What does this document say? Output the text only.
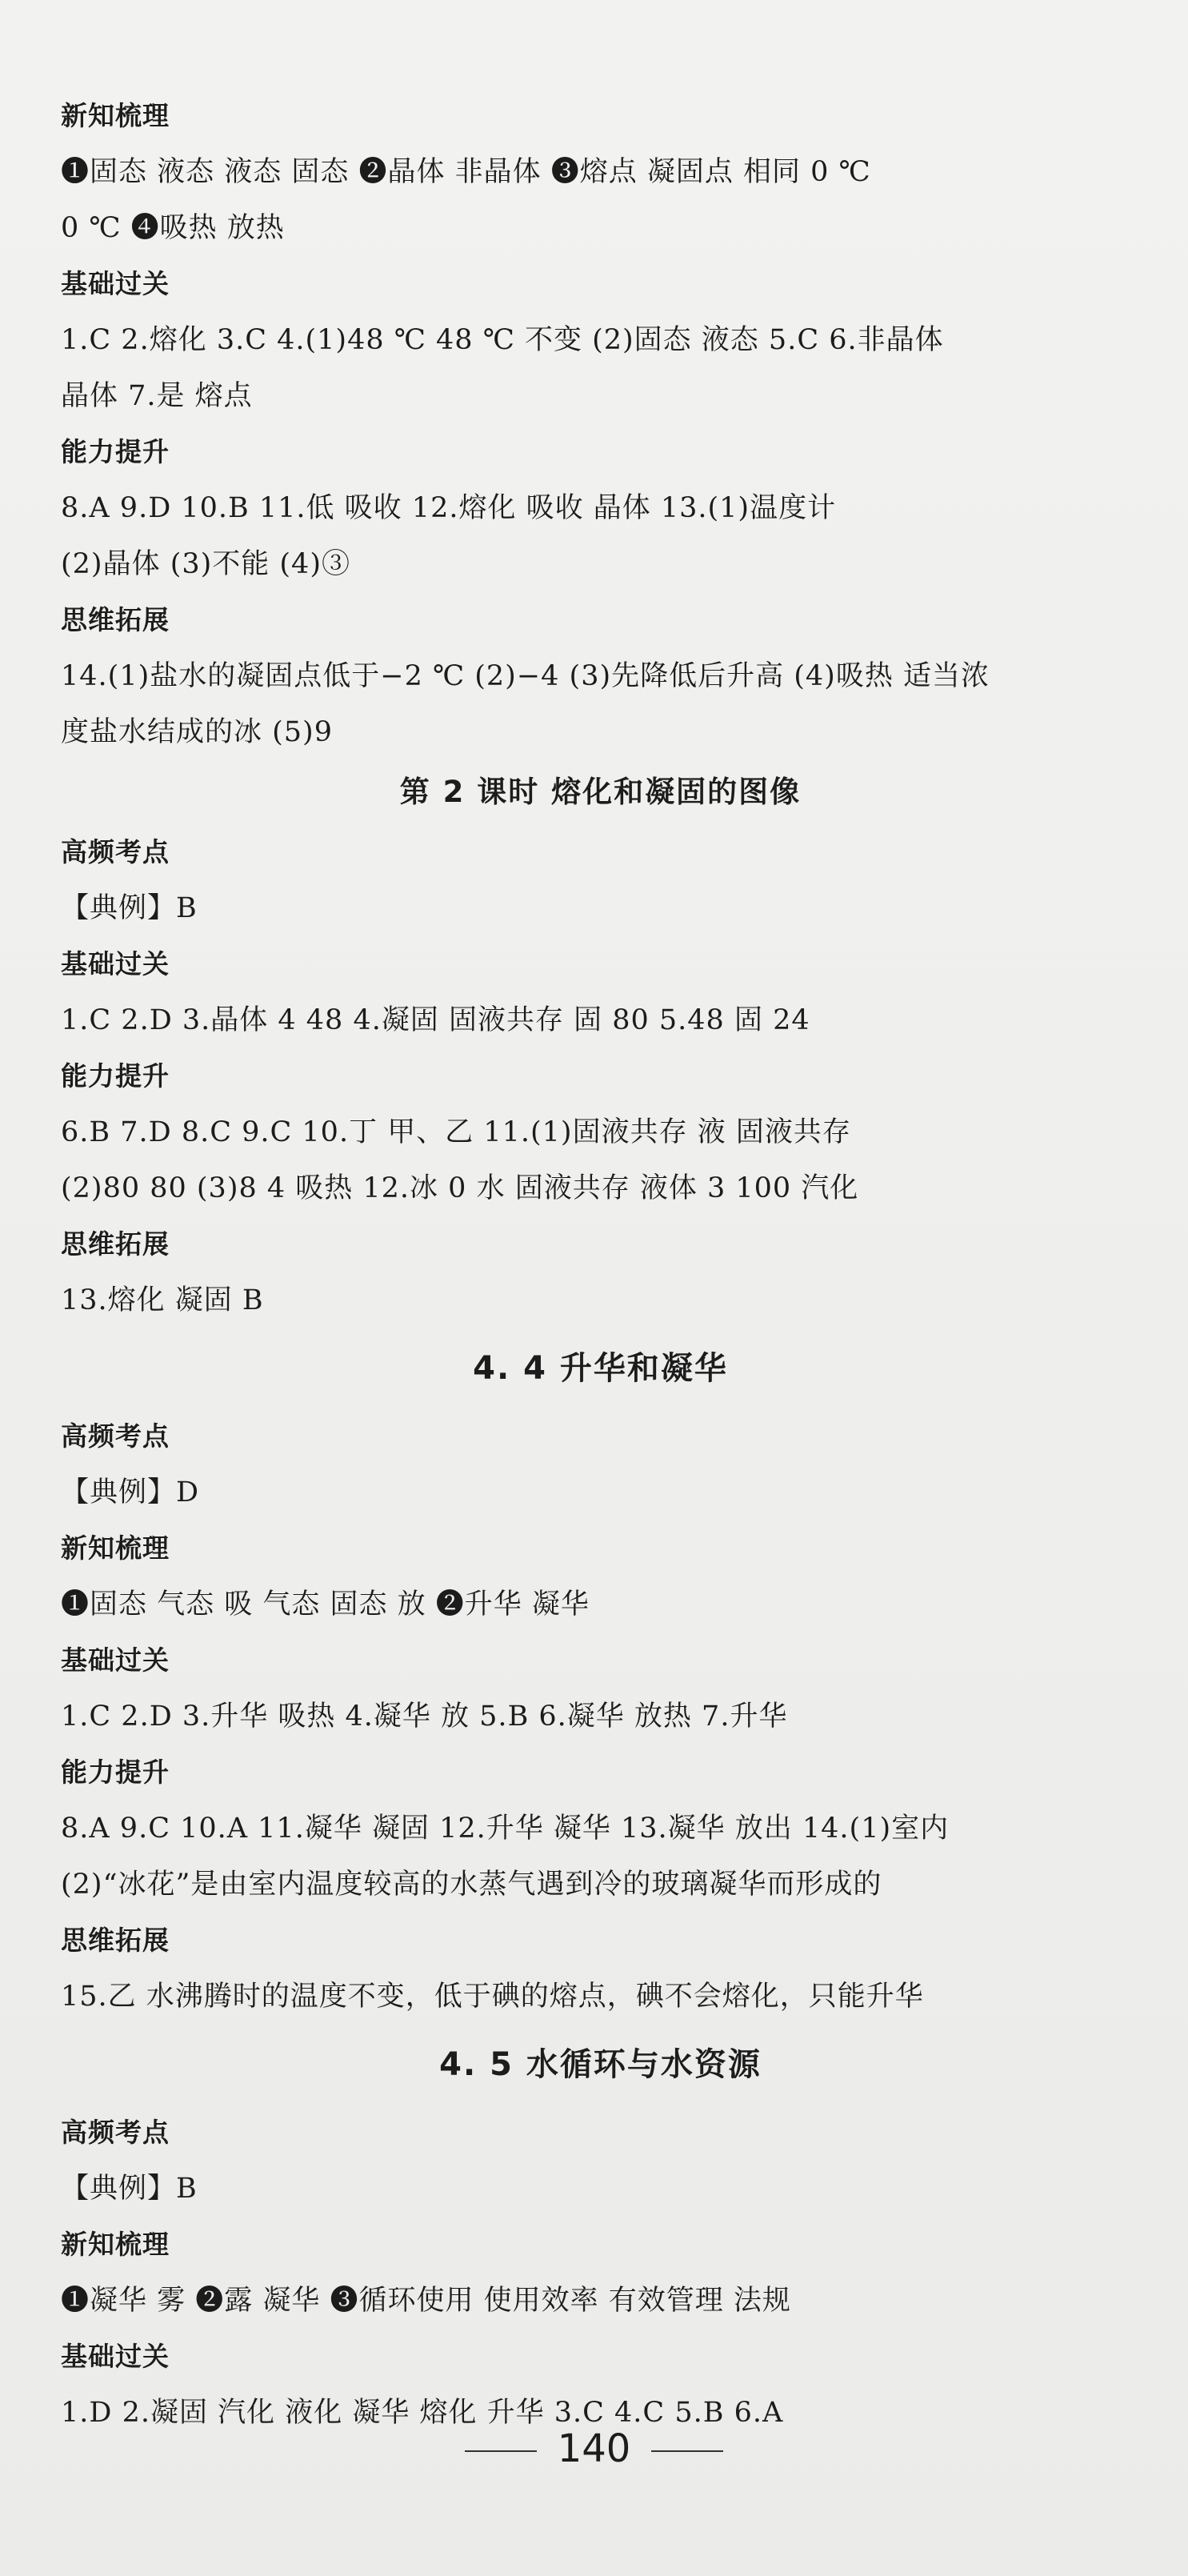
新知梳理
❶固态 液态 液态 固态 ❷晶体 非晶体 ❸熔点 凝固点 相同 0 ℃
0 ℃ ❹吸热 放热
基础过关
1.C 2.熔化 3.C 4.(1)48 ℃ 48 ℃ 不变 (2)固态 液态 5.C 6.非晶体
晶体 7.是 熔点
能力提升
8.A 9.D 10.B 11.低 吸收 12.熔化 吸收 晶体 13.(1)温度计
(2)晶体 (3)不能 (4)③
思维拓展
14.(1)盐水的凝固点低于−2 ℃ (2)−4 (3)先降低后升高 (4)吸热 适当浓
度盐水结成的冰 (5)9
第 2 课时 熔化和凝固的图像
高频考点
【典例】B
基础过关
1.C 2.D 3.晶体 4 48 4.凝固 固液共存 固 80 5.48 固 24
能力提升
6.B 7.D 8.C 9.C 10.丁 甲、乙 11.(1)固液共存 液 固液共存
(2)80 80 (3)8 4 吸热 12.冰 0 水 固液共存 液体 3 100 汽化
思维拓展
13.熔化 凝固 B
4. 4 升华和凝华
高频考点
【典例】D
新知梳理
❶固态 气态 吸 气态 固态 放 ❷升华 凝华
基础过关
1.C 2.D 3.升华 吸热 4.凝华 放 5.B 6.凝华 放热 7.升华
能力提升
8.A 9.C 10.A 11.凝华 凝固 12.升华 凝华 13.凝华 放出 14.(1)室内
(2)“冰花”是由室内温度较高的水蒸气遇到冷的玻璃凝华而形成的
思维拓展
15.乙 水沸腾时的温度不变，低于碘的熔点，碘不会熔化，只能升华
4. 5 水循环与水资源
高频考点
【典例】B
新知梳理
❶凝华 雾 ❷露 凝华 ❸循环使用 使用效率 有效管理 法规
基础过关
1.D 2.凝固 汽化 液化 凝华 熔化 升华 3.C 4.C 5.B 6.A
140
